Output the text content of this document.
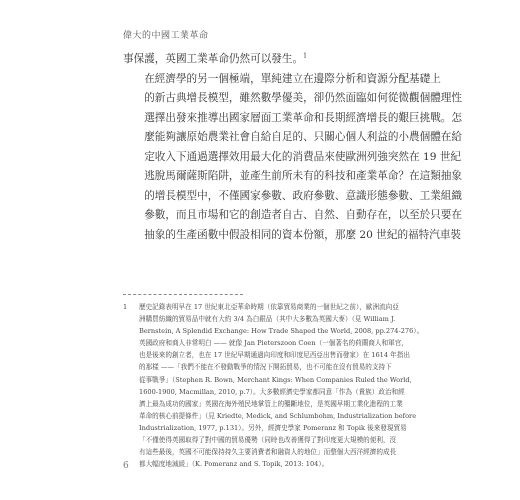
偉大的中國工業革命

事保護，英國工業革命仍然可以發生。$^1$

在經濟學的另一個極端，單純建立在邊際分析和資源分配基礎上
的新古典增長模型，雖然數學優美，卻仍然面臨如何從微觀個體理性
選擇出發來推導出國家層面工業革命和長期經濟增長的艱巨挑戰。怎
麼能夠讓原始農業社會自給自足的、只關心個人利益的小農個體在給
定收入下通過選擇效用最大化的消費品來使歐洲列強突然在 19 世紀
逃脫馬爾薩斯陷阱，並產生前所未有的科技和產業革命？在這類抽象
的增長模型中，不僅國家參數、政府參數、意識形態參數、工業組織
參數，而且市場和它的創造者自古、自然、自動存在，以至於只要在
抽象的生產函數中假設相同的資本份額，那麼 20 世紀的福特汽車裝

1 歷史記錄表明早在 17 世紀東北亞華命時期（依靠貿易商業的一個世紀之前），歐洲流向亞
洲購買紡織的貿易品中就有大約 3/4 為白銀品（其中大多數為英國大麥）（見 William J.
Bernstein, A Splendid Exchange: How Trade Shaped the World, 2008, pp.274-276）。
英國政府和商人非常明白 —— 就像 Jan Pieterszoon Coen（一個著名的荷蘭商人和軍官，
也是後來的創立者，也在 17 世紀早期通過向印度和印度尼西亞出售而發家）在 1614 年指出
的那樣 ——「我們不能在不發動戰爭的情況下開拓貿易，也不可能在沒有貿易的支持下
從事戰爭」（Stephen R. Bown, Merchant Kings: When Companies Ruled the World,
1600-1900, Macmillan, 2010, p.7）。大多數經濟史學家都同意「作為（貴族）政治和經
濟上最為成功的國家」英國在海外殖民地掌管上的壟斷地位，是英國早期工業化進程的工業
革命的核心前提條件」（見 Kriedte, Medick, and Schlumbohm, Industrialization before
Industrialization, 1977, p.131）。另外，經濟史學家 Pomeranz 和 Topik 後來發現貿易
「不僅使得英國取得了對中國的貿易優勢（同時也改善獲得了對印度更大規模的便利，沒
有這些最後，英國不可能保持持久主要消費者和融資人的地位」而整個大西洋經濟的成長
都大幅度地減緩」（K. Pomeranz and S. Topik, 2013: 104）。
6
